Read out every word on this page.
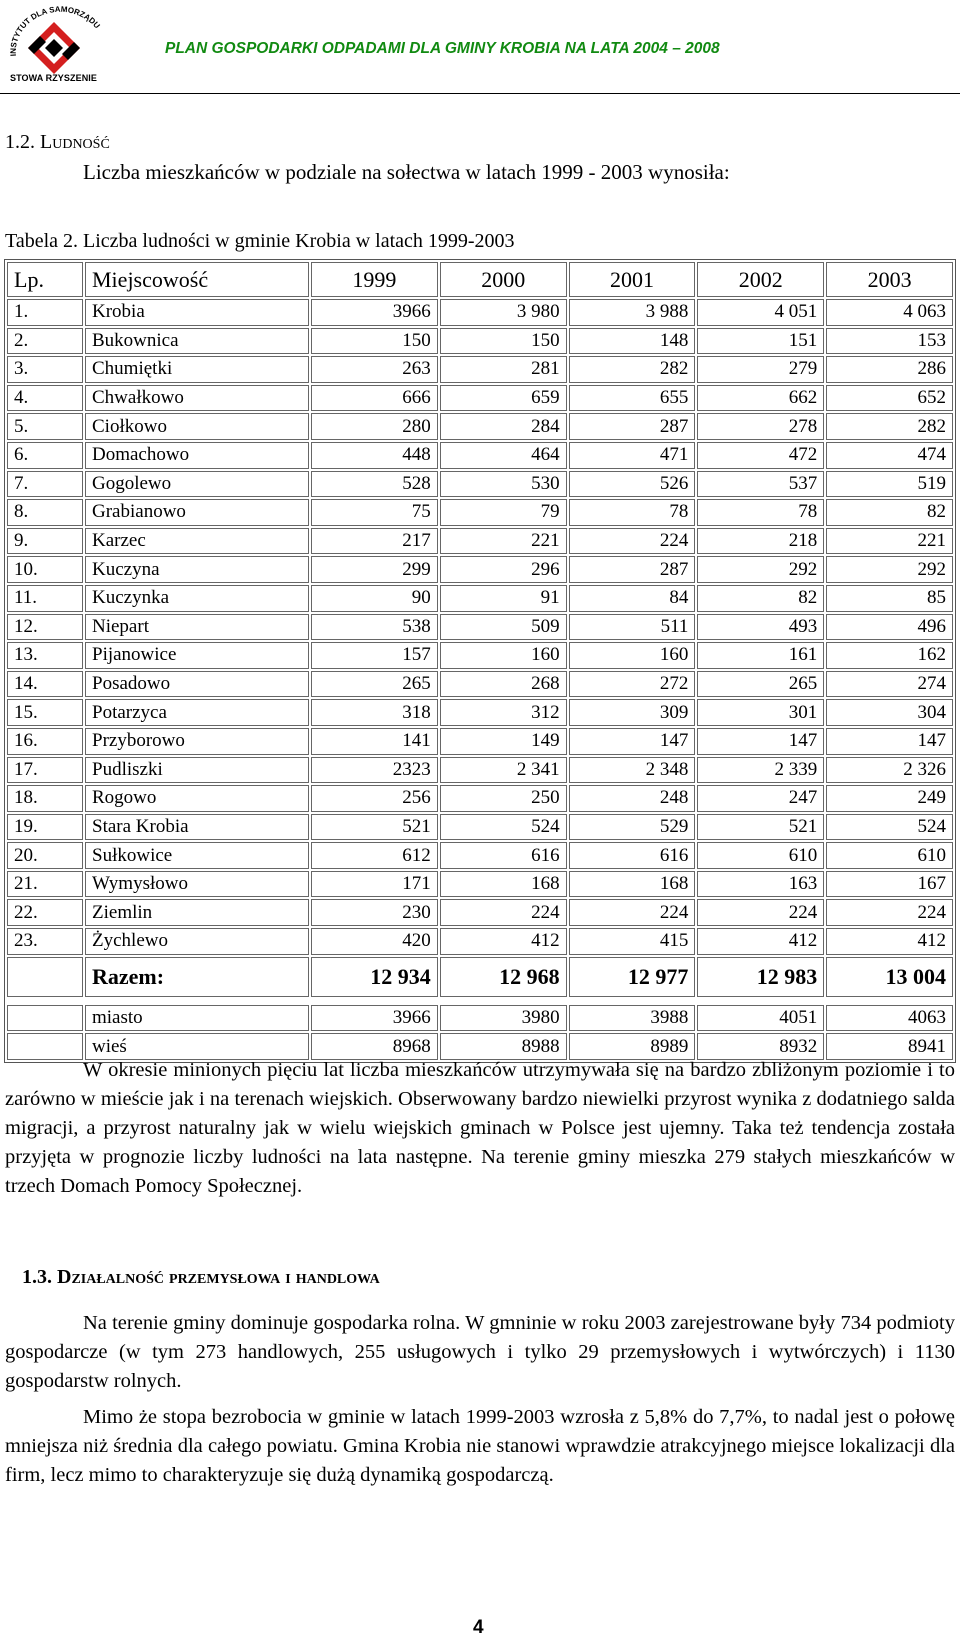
INSTYTUT DLA SAMORZĄDU
STOWA RZYSZENIE
PLAN GOSPODARKI ODPADAMI DLA GMINY KROBIA NA LATA 2004 – 2008
1.2. Ludność
Liczba mieszkańców w podziale na sołectwa w latach 1999 - 2003 wynosiła:
Tabela 2. Liczba ludności w gminie Krobia w latach 1999-2003
Lp.	Miejscowość	1999	2000	2001	2002	2003
1.	Krobia	3966	3 980	3 988	4 051	4 063
2.	Bukownica	150	150	148	151	153
3.	Chumiętki	263	281	282	279	286
4.	Chwałkowo	666	659	655	662	652
5.	Ciołkowo	280	284	287	278	282
6.	Domachowo	448	464	471	472	474
7.	Gogolewo	528	530	526	537	519
8.	Grabianowo	75	79	78	78	82
9.	Karzec	217	221	224	218	221
10.	Kuczyna	299	296	287	292	292
11.	Kuczynka	90	91	84	82	85
12.	Niepart	538	509	511	493	496
13.	Pijanowice	157	160	160	161	162
14.	Posadowo	265	268	272	265	274
15.	Potarzyca	318	312	309	301	304
16.	Przyborowo	141	149	147	147	147
17.	Pudliszki	2323	2 341	2 348	2 339	2 326
18.	Rogowo	256	250	248	247	249
19.	Stara Krobia	521	524	529	521	524
20.	Sułkowice	612	616	616	610	610
21.	Wymysłowo	171	168	168	163	167
22.	Ziemlin	230	224	224	224	224
23.	Żychlewo	420	412	415	412	412
	Razem:	12 934	12 968	12 977	12 983	13 004

	miasto	3966	3980	3988	4051	4063
	wieś	8968	8988	8989	8932	8941
W okresie minionych pięciu lat liczba mieszkańców utrzymywała się na bardzo zbliżonym poziomie i to zarówno w mieście jak i na terenach wiejskich. Obserwowany bardzo niewielki przyrost wynika z dodatniego salda migracji, a przyrost naturalny jak w wielu wiejskich gminach w Polsce jest ujemny. Taka też tendencja została przyjęta w prognozie liczby ludności na lata następne. Na terenie gminy mieszka 279 stałych mieszkańców w trzech Domach Pomocy Społecznej.
1.3. Działalność przemysłowa i handlowa
Na terenie gminy dominuje gospodarka rolna. W gmninie w roku 2003 zarejestrowane były 734 podmioty gospodarcze (w tym 273 handlowych, 255 usługowych i tylko 29 przemysłowych i wytwórczych) i 1130 gospodarstw rolnych.
Mimo że stopa bezrobocia w gminie w latach 1999-2003 wzrosła z 5,8% do 7,7%, to nadal jest o połowę mniejsza niż średnia dla całego powiatu. Gmina Krobia nie stanowi wprawdzie atrakcyjnego miejsce lokalizacji dla firm, lecz mimo to charakteryzuje się dużą dynamiką gospodarczą.
4
